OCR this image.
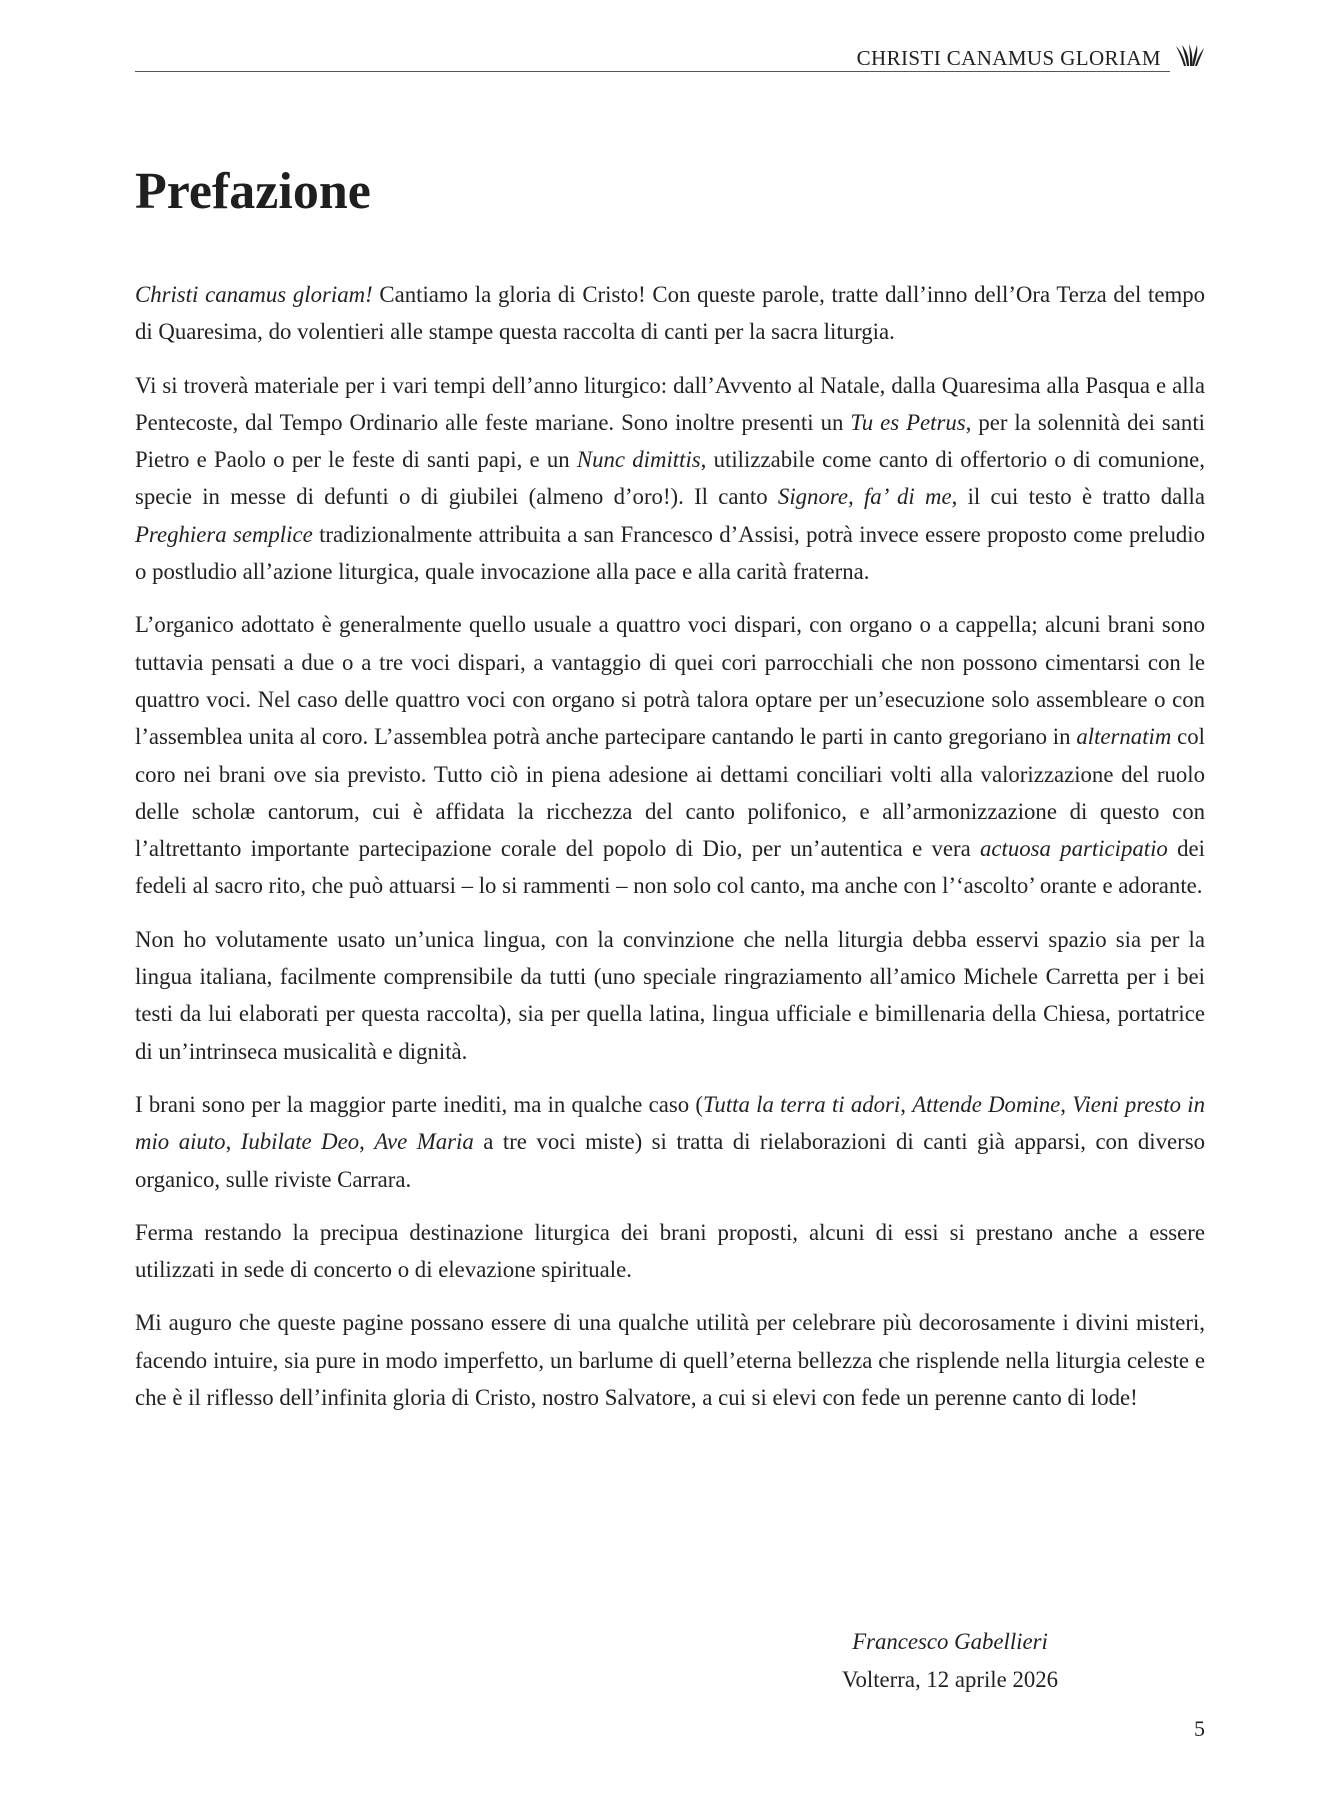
CHRISTI CANAMUS GLORIAM
Prefazione

Christi canamus gloriam! Cantiamo la gloria di Cristo! Con queste parole, tratte dall’inno dell’Ora Terza del tempo di Quaresima, do volentieri alle stampe questa raccolta di canti per la sacra liturgia.

Vi si troverà materiale per i vari tempi dell’anno liturgico: dall’Avvento al Natale, dalla Quaresima alla Pasqua e alla Pentecoste, dal Tempo Ordinario alle feste mariane. Sono inoltre presenti un Tu es Petrus, per la solennità dei santi Pietro e Paolo o per le feste di santi papi, e un Nunc dimittis, utilizzabile come canto di offertorio o di comunione, specie in messe di defunti o di giubilei (almeno d’oro!). Il canto Signore, fa’ di me, il cui testo è tratto dalla Preghiera semplice tradizionalmente attribuita a san Francesco d’Assisi, potrà invece essere proposto come preludio o postludio all’azione liturgica, quale invocazione alla pace e alla carità fraterna.

L’organico adottato è generalmente quello usuale a quattro voci dispari, con organo o a cappella; alcuni brani sono tuttavia pensati a due o a tre voci dispari, a vantaggio di quei cori parrocchiali che non possono cimentarsi con le quattro voci. Nel caso delle quattro voci con organo si potrà talora optare per un’esecuzione solo assembleare o con l’assemblea unita al coro. L’assemblea potrà anche partecipare cantando le parti in canto gregoriano in alternatim col coro nei brani ove sia previsto. Tutto ciò in piena adesione ai dettami conciliari volti alla valorizzazione del ruolo delle scholæ cantorum, cui è affidata la ricchezza del canto polifonico, e all’armonizzazione di questo con l’altrettanto importante partecipazione corale del popolo di Dio, per un’autentica e vera actuosa participatio dei fedeli al sacro rito, che può attuarsi – lo si rammenti – non solo col canto, ma anche con l’‘ascolto’ orante e adorante.

Non ho volutamente usato un’unica lingua, con la convinzione che nella liturgia debba esservi spazio sia per la lingua italiana, facilmente comprensibile da tutti (uno speciale ringraziamento all’amico Michele Carretta per i bei testi da lui elaborati per questa raccolta), sia per quella latina, lingua ufficiale e bimillenaria della Chiesa, portatrice di un’intrinseca musicalità e dignità.

I brani sono per la maggior parte inediti, ma in qualche caso (Tutta la terra ti adori, Attende Domine, Vieni presto in mio aiuto, Iubilate Deo, Ave Maria a tre voci miste) si tratta di rielaborazioni di canti già apparsi, con diverso organico, sulle riviste Carrara.

Ferma restando la precipua destinazione liturgica dei brani proposti, alcuni di essi si prestano anche a essere utilizzati in sede di concerto o di elevazione spirituale.

Mi auguro che queste pagine possano essere di una qualche utilità per celebrare più decorosamente i divini misteri, facendo intuire, sia pure in modo imperfetto, un barlume di quell’eterna bellezza che risplende nella liturgia celeste e che è il riflesso dell’infinita gloria di Cristo, nostro Salvatore, a cui si elevi con fede un perenne canto di lode!

Francesco Gabellieri
Volterra, 12 aprile 2026
5
